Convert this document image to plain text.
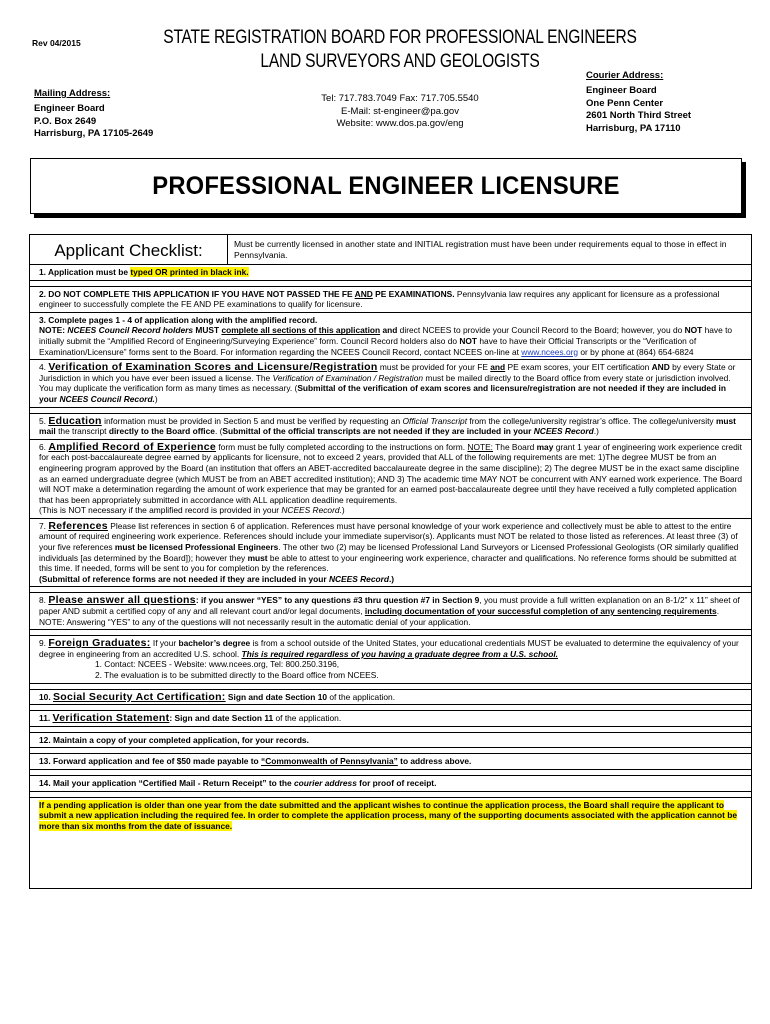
Rev 04/2015	STATE REGISTRATION BOARD FOR PROFESSIONAL ENGINEERS
LAND SURVEYORS AND GEOLOGISTS
Mailing Address:
Engineer Board
P.O. Box 2649
Harrisburg, PA 17105-2649
Tel: 717.783.7049 Fax: 717.705.5540
E-Mail: st-engineer@pa.gov
Website: www.dos.pa.gov/eng
Courier Address:
Engineer Board
One Penn Center
2601 North Third Street
Harrisburg, PA 17110
PROFESSIONAL ENGINEER LICENSURE
Applicant Checklist:	Must be currently licensed in another state and INITIAL registration must have been under requirements equal to those in effect in Pennsylvania.
1. Application must be typed OR printed in black ink.
2. DO NOT COMPLETE THIS APPLICATION IF YOU HAVE NOT PASSED THE FE AND PE EXAMINATIONS. Pennsylvania law requires any applicant for licensure as a professional engineer to successfully complete the FE AND PE examinations to qualify for licensure.
3. Complete pages 1 - 4 of application along with the amplified record.
NOTE: NCEES Council Record holders MUST complete all sections of this application and direct NCEES to provide your Council Record to the Board; however, you do NOT have to initially submit the “Amplified Record of Engineering/Surveying Experience” form. Council Record holders also do NOT have to have their Official Transcripts or the “Verification of Examination/Licensure” forms sent to the Board. For information regarding the NCEES Council Record, contact NCEES on-line at www.ncees.org or by phone at (864) 654-6824
4. Verification of Examination Scores and Licensure/Registration must be provided for your FE and PE exam scores, your EIT certification AND by every State or Jurisdiction in which you have ever been issued a license. The Verification of Examination / Registration must be mailed directly to the Board office from every state or jurisdiction involved. You may duplicate the verification form as many times as necessary. (Submittal of the verification of exam scores and licensure/registration are not needed if they are included in your NCEES Council Record.)
5. Education information must be provided in Section 5 and must be verified by requesting an Official Transcript from the college/university registrar’s office. The college/university must mail the transcript directly to the Board office. (Submittal of the official transcripts are not needed if they are included in your NCEES Record.)
6. Amplified Record of Experience form must be fully completed according to the instructions on form. NOTE: The Board may grant 1 year of engineering work experience credit for each post-baccalaureate degree earned by applicants for licensure, not to exceed 2 years, provided that ALL of the following requirements are met: 1)The degree MUST be from an engineering program approved by the Board (an institution that offers an ABET-accredited baccalaureate degree in the same discipline); 2) The degree MUST be in the exact same discipline as an earned undergraduate degree (which MUST be from an ABET accredited institution); AND 3) The academic time MAY NOT be concurrent with ANY earned work experience. The Board will NOT make a determination regarding the amount of work experience that may be granted for an earned post-baccalaureate degree until they have received a fully completed application that has been appropriately submitted in accordance with ALL application deadline requirements.
(This is NOT necessary if the amplified record is provided in your NCEES Record.)
7. References Please list references in section 6 of application. References must have personal knowledge of your work experience and collectively must be able to attest to the entire amount of required engineering work experience. References should include your immediate supervisor(s). Applicants must NOT be related to those listed as references. At least three (3) of your five references must be licensed Professional Engineers. The other two (2) may be licensed Professional Land Surveyors or Licensed Professional Geologists (OR similarly qualified individuals [as determined by the Board]); however they must be able to attest to your engineering work experience, character and qualifications. No reference forms should be submitted at this time. If needed, forms will be sent to you for completion by the references.
(Submittal of reference forms are not needed if they are included in your NCEES Record.)
8. Please answer all questions: if you answer “YES” to any questions #3 thru question #7 in Section 9, you must provide a full written explanation on an 8-1/2” x 11” sheet of paper AND submit a certified copy of any and all relevant court and/or legal documents, including documentation of your successful completion of any sentencing requirements. NOTE: Answering “YES” to any of the questions will not necessarily result in the automatic denial of your application.
9. Foreign Graduates: If your bachelor’s degree is from a school outside of the United States, your educational credentials MUST be evaluated to determine the equivalency of your degree in engineering from an accredited U.S. school. This is required regardless of you having a graduate degree from a U.S. school.
1. Contact: NCEES - Website: www.ncees.org, Tel: 800.250.3196,
2. The evaluation is to be submitted directly to the Board office from NCEES.
10. Social Security Act Certification: Sign and date Section 10 of the application.
11. Verification Statement: Sign and date Section 11 of the application.
12. Maintain a copy of your completed application, for your records.
13. Forward application and fee of $50 made payable to “Commonwealth of Pennsylvania” to address above.
14. Mail your application “Certified Mail - Return Receipt” to the courier address for proof of receipt.
If a pending application is older than one year from the date submitted and the applicant wishes to continue the application process, the Board shall require the applicant to submit a new application including the required fee. In order to complete the application process, many of the supporting documents associated with the application cannot be more than six months from the date of issuance.
